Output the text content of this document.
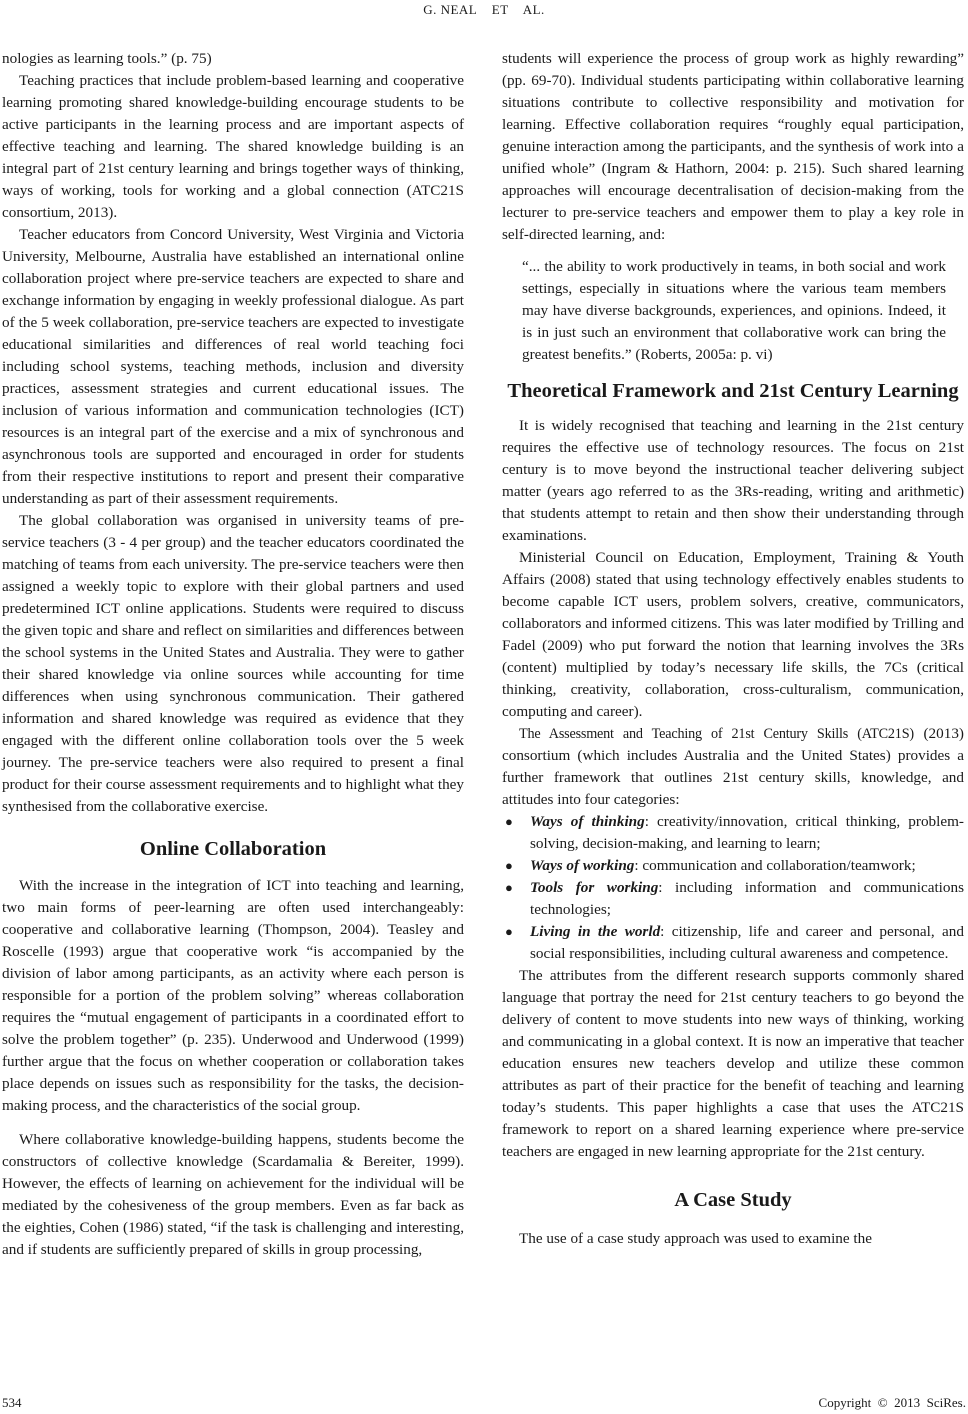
G. NEAL    ET    AL.

nologies as learning tools.” (p. 75)

Teaching practices that include problem-based learning and cooperative learning promoting shared knowledge-building encourage students to be active participants in the learning process and are important aspects of effective teaching and learning. The shared knowledge building is an integral part of 21st century learning and brings together ways of thinking, ways of working, tools for working and a global connection (ATC21S consortium, 2013).

Teacher educators from Concord University, West Virginia and Victoria University, Melbourne, Australia have established an international online collaboration project where pre-service teachers are expected to share and exchange information by engaging in weekly professional dialogue. As part of the 5 week collaboration, pre-service teachers are expected to investigate educational similarities and differences of real world teaching foci including school systems, teaching methods, inclusion and diversity practices, assessment strategies and current educational issues. The inclusion of various information and communication technologies (ICT) resources is an integral part of the exercise and a mix of synchronous and asynchronous tools are supported and encouraged in order for students from their respective institutions to report and present their comparative understanding as part of their assessment requirements.

The global collaboration was organised in university teams of pre-service teachers (3 - 4 per group) and the teacher educators coordinated the matching of teams from each university. The pre-service teachers were then assigned a weekly topic to explore with their global partners and used predetermined ICT online applications. Students were required to discuss the given topic and share and reflect on similarities and differences between the school systems in the United States and Australia. They were to gather their shared knowledge via online sources while accounting for time differences when using synchronous communication. Their gathered information and shared knowledge was required as evidence that they engaged with the different online collaboration tools over the 5 week journey. The pre-service teachers were also required to present a final product for their course assessment requirements and to highlight what they synthesised from the collaborative exercise.

Online Collaboration

With the increase in the integration of ICT into teaching and learning, two main forms of peer-learning are often used interchangeably: cooperative and collaborative learning (Thompson, 2004). Teasley and Roscelle (1993) argue that cooperative work “is accompanied by the division of labor among participants, as an activity where each person is responsible for a portion of the problem solving” whereas collaboration requires the “mutual engagement of participants in a coordinated effort to solve the problem together” (p. 235). Underwood and Underwood (1999) further argue that the focus on whether cooperation or collaboration takes place depends on issues such as responsibility for the tasks, the decision-making process, and the characteristics of the social group.

Where collaborative knowledge-building happens, students become the constructors of collective knowledge (Scardamalia & Bereiter, 1999). However, the effects of learning on achievement for the individual will be mediated by the cohesiveness of the group members. Even as far back as the eighties, Cohen (1986) stated, “if the task is challenging and interesting, and if students are sufficiently prepared of skills in group processing,

students will experience the process of group work as highly rewarding” (pp. 69-70). Individual students participating within collaborative learning situations contribute to collective responsibility and motivation for learning. Effective collaboration requires “roughly equal participation, genuine interaction among the participants, and the synthesis of work into a unified whole” (Ingram & Hathorn, 2004: p. 215). Such shared learning approaches will encourage decentralisation of decision-making from the lecturer to pre-service teachers and empower them to play a key role in self-directed learning, and:

“... the ability to work productively in teams, in both social and work settings, especially in situations where the various team members may have diverse backgrounds, experiences, and opinions. Indeed, it is in just such an environment that collaborative work can bring the greatest benefits.” (Roberts, 2005a: p. vi)

Theoretical Framework and 21st Century Learning

It is widely recognised that teaching and learning in the 21st century requires the effective use of technology resources. The focus on 21st century is to move beyond the instructional teacher delivering subject matter (years ago referred to as the 3Rs-reading, writing and arithmetic) that students attempt to retain and then show their understanding through examinations.

Ministerial Council on Education, Employment, Training & Youth Affairs (2008) stated that using technology effectively enables students to become capable ICT users, problem solvers, creative, communicators, collaborators and informed citizens. This was later modified by Trilling and Fadel (2009) who put forward the notion that learning involves the 3Rs (content) multiplied by today’s necessary life skills, the 7Cs (critical thinking, creativity, collaboration, cross-culturalism, communication, computing and career).

The Assessment and Teaching of 21st Century Skills (ATC21S) (2013) consortium (which includes Australia and the United States) provides a further framework that outlines 21st century skills, knowledge, and attitudes into four categories:

● Ways of thinking: creativity/innovation, critical thinking, problem-solving, decision-making, and learning to learn;
● Ways of working: communication and collaboration/teamwork;
● Tools for working: including information and communications technologies;
● Living in the world: citizenship, life and career and personal, and social responsibilities, including cultural awareness and competence.

The attributes from the different research supports commonly shared language that portray the need for 21st century teachers to go beyond the delivery of content to move students into new ways of thinking, working and communicating in a global context. It is now an imperative that teacher education ensures new teachers develop and utilize these common attributes as part of their practice for the benefit of teaching and learning today’s students. This paper highlights a case that uses the ATC21S framework to report on a shared learning experience where pre-service teachers are engaged in new learning appropriate for the 21st century.

A Case Study

The use of a case study approach was used to examine the

534	Copyright  ©  2013  SciRes.
